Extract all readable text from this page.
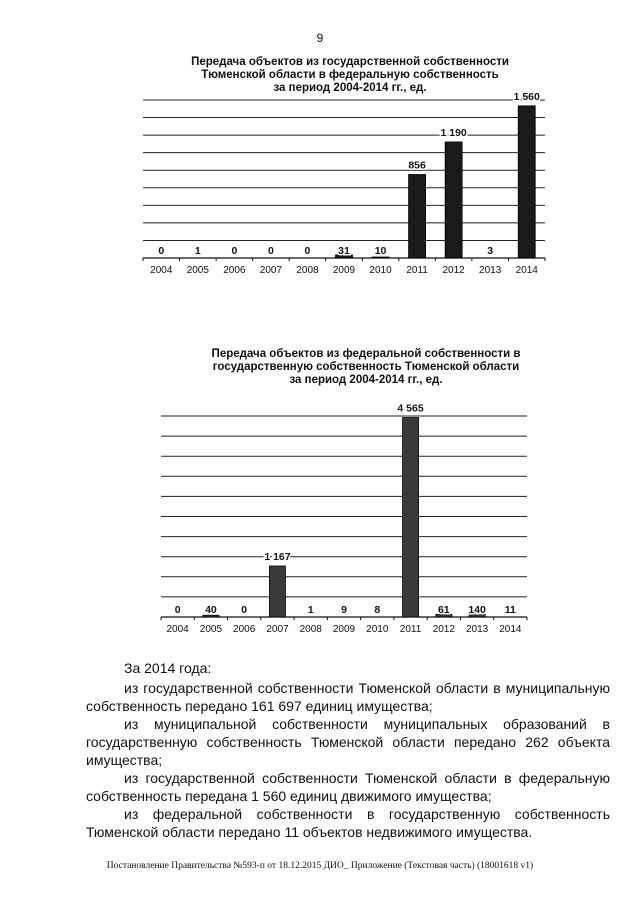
9
Передача объектов из государственной собственности
Тюменской области в федеральную собственность
за период 2004-2014 гг., ед.
Передача объектов из федеральной собственности в
государственную собственность Тюменской области
за период 2004-2014 гг., ед.
2004
0
2005
1
2006
0
2007
0
2008
0
2009
31
2010
10
2011
856
2012
1 190
2013
3
2014
1 560
2004
0
2005
40
2006
0
2007
1 167
2008
1
2009
9
2010
8
2011
4 565
2012
61
2013
140
2014
11

За 2014 года:

из государственной собственности Тюменской области в муниципальную собственность передано 161 697 единиц имущества;

из муниципальной собственности муниципальных образований в государственную собственность Тюменской области передано 262 объекта имущества;

из государственной собственности Тюменской области в федеральную собственность передана 1 560 единиц движимого имущества;

из федеральной собственности в государственную собственность Тюменской области передано 11 объектов недвижимого имущества.

Постановление Правительства №593-п от 18.12.2015 ДИО_ Приложение (Текстовая часть) (18001618 v1)
